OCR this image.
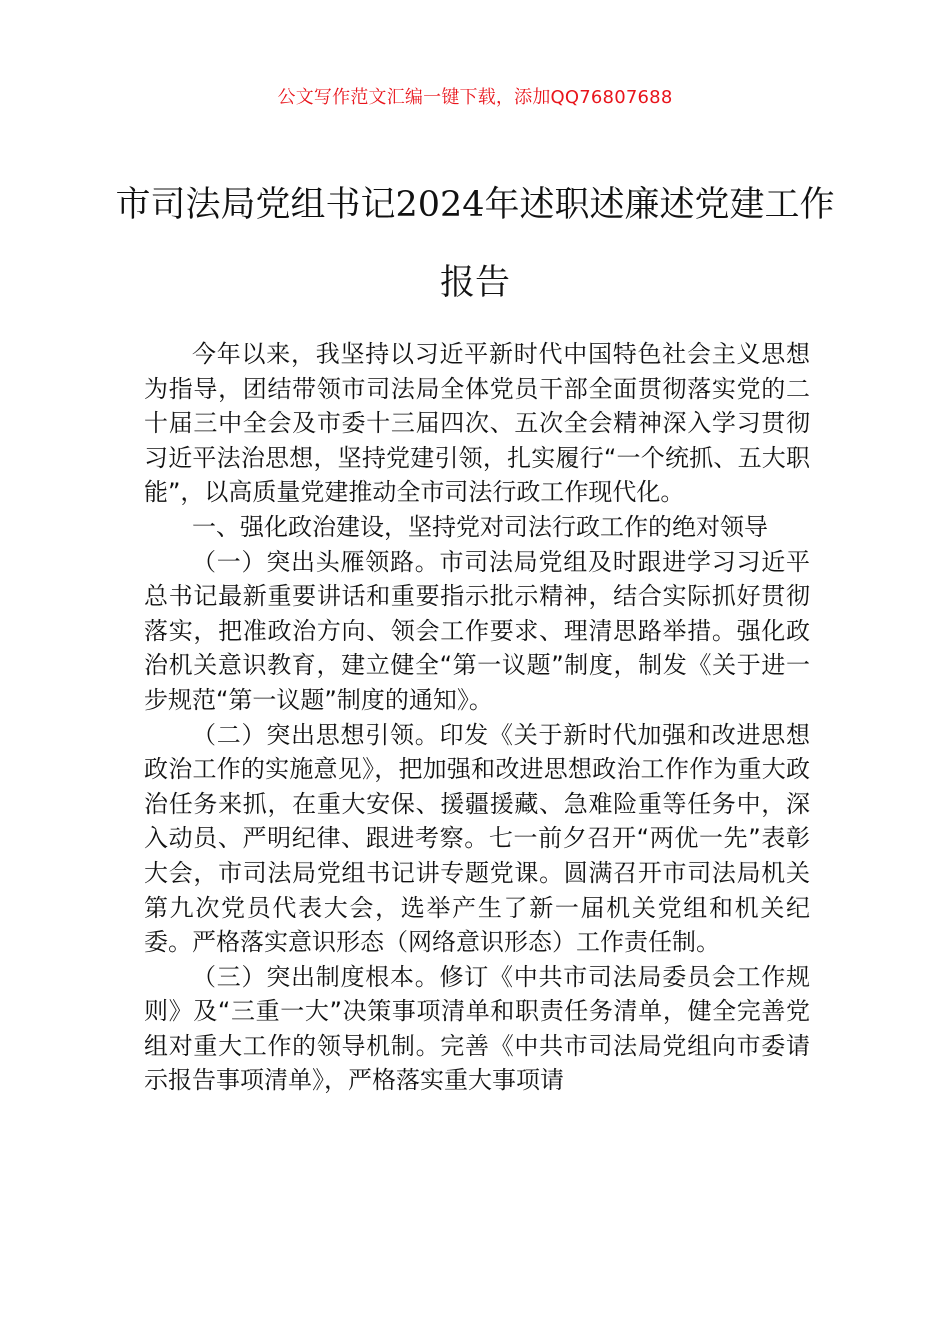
公文写作范文汇编一键下载，添加QQ76807688
市司法局党组书记2024年述职述廉述党建工作报告

今年以来，我坚持以习近平新时代中国特色社会主义思想为指导，团结带领市司法局全体党员干部全面贯彻落实党的二十届三中全会及市委十三届四次、五次全会精神深入学习贯彻习近平法治思想，坚持党建引领，扎实履行“一个统抓、五大职能”，以高质量党建推动全市司法行政工作现代化。

一、强化政治建设，坚持党对司法行政工作的绝对领导

（一）突出头雁领路。市司法局党组及时跟进学习习近平总书记最新重要讲话和重要指示批示精神，结合实际抓好贯彻落实，把准政治方向、领会工作要求、理清思路举措。强化政治机关意识教育，建立健全“第一议题”制度，制发《关于进一步规范“第一议题”制度的通知》。

（二）突出思想引领。印发《关于新时代加强和改进思想政治工作的实施意见》，把加强和改进思想政治工作作为重大政治任务来抓，在重大安保、援疆援藏、急难险重等任务中，深入动员、严明纪律、跟进考察。七一前夕召开“两优一先”表彰大会，市司法局党组书记讲专题党课。圆满召开市司法局机关第九次党员代表大会，选举产生了新一届机关党组和机关纪委。严格落实意识形态（网络意识形态）工作责任制。

（三）突出制度根本。修订《中共市司法局委员会工作规则》及“三重一大”决策事项清单和职责任务清单，健全完善党组对重大工作的领导机制。完善《中共市司法局党组向市委请示报告事项清单》，严格落实重大事项请
